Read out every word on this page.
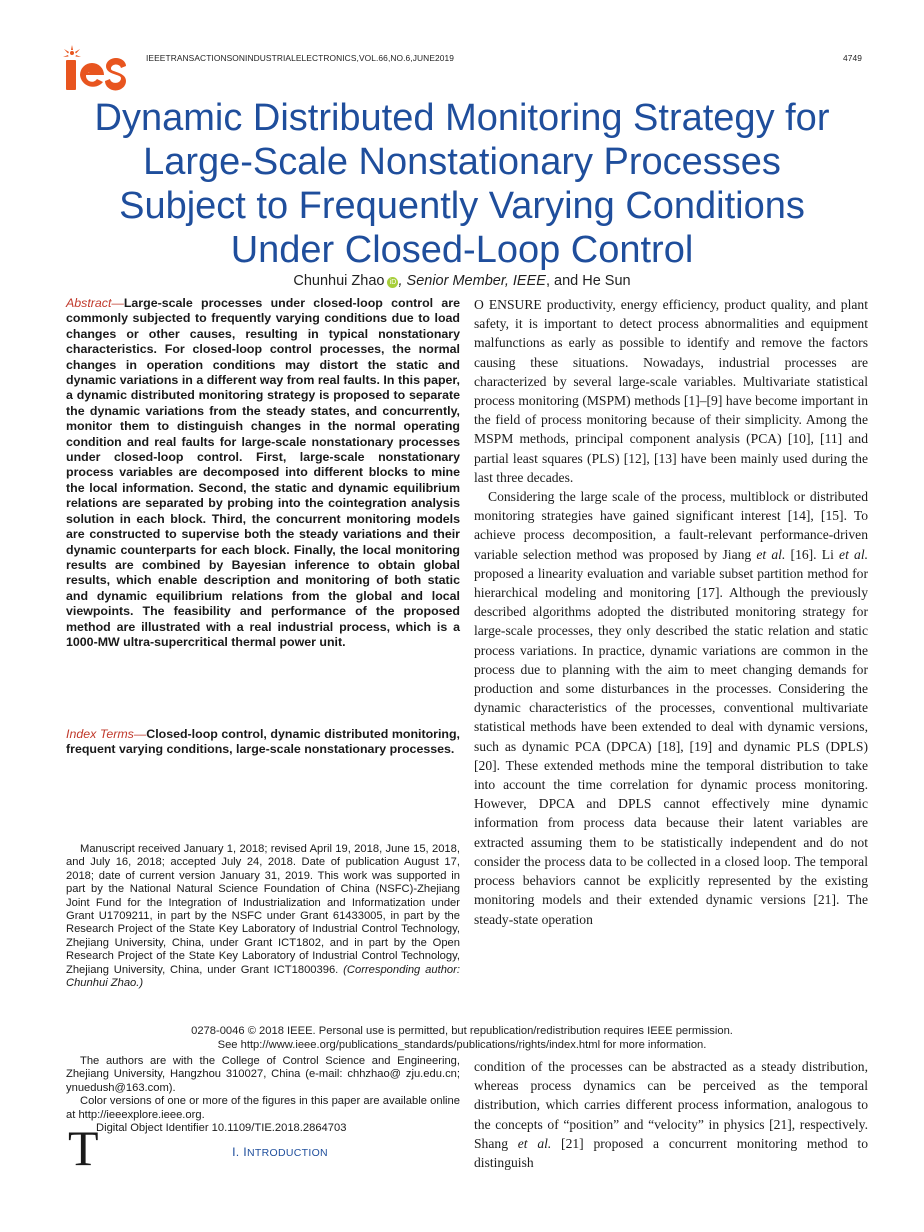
ies
IEEETRANSACTIONSONINDUSTRIALELECTRONICS,VOL.66,NO.6,JUNE2019	4749
Dynamic Distributed Monitoring Strategy for
Large-Scale Nonstationary Processes
Subject to Frequently Varying Conditions
Under Closed-Loop Control
Chunhui Zhao iD , Senior Member, IEEE, and He Sun
Abstract—Large-scale processes under closed-loop control are commonly subjected to frequently varying conditions due to load changes or other causes, resulting in typical nonstationary characteristics. For closed-loop control processes, the normal changes in operation conditions may distort the static and dynamic variations in a different way from real faults. In this paper, a dynamic distributed monitoring strategy is proposed to separate the dynamic variations from the steady states, and concurrently, monitor them to distinguish changes in the normal operating condition and real faults for large-scale nonstationary processes under closed-loop control. First, large-scale nonstationary process variables are decomposed into different blocks to mine the local information. Second, the static and dynamic equilibrium relations are separated by probing into the cointegration analysis solution in each block. Third, the concurrent monitoring models are constructed to supervise both the steady variations and their dynamic counterparts for each block. Finally, the local monitoring results are combined by Bayesian inference to obtain global results, which enable description and monitoring of both static and dynamic equilibrium relations from the global and local viewpoints. The feasibility and performance of the proposed method are illustrated with a real industrial process, which is a 1000-MW ultra-supercritical thermal power unit.
Index Terms—Closed-loop control, dynamic distributed monitoring, frequent varying conditions, large-scale nonstationary processes.
Manuscript received January 1, 2018; revised April 19, 2018, June 15, 2018, and July 16, 2018; accepted July 24, 2018. Date of publication August 17, 2018; date of current version January 31, 2019. This work was supported in part by the National Natural Science Foundation of China (NSFC)-Zhejiang Joint Fund for the Integration of Industrialization and Informatization under Grant U1709211, in part by the NSFC under Grant 61433005, in part by the Research Project of the State Key Laboratory of Industrial Control Technology, Zhejiang University, China, under Grant ICT1802, and in part by the Open Research Project of the State Key Laboratory of Industrial Control Technology, Zhejiang University, China, under Grant ICT1800396. (Corresponding author: Chunhui Zhao.)
0278-0046 © 2018 IEEE. Personal use is permitted, but republication/redistribution requires IEEE permission.
See http://www.ieee.org/publications_standards/publications/rights/index.html for more information.

The authors are with the College of Control Science and Engineering, Zhejiang University, Hangzhou 310027, China (e-mail: chhzhao@ zju.edu.cn; ynuedush@163.com).

Color versions of one or more of the figures in this paper are available online at http://ieeexplore.ieee.org.

Digital Object Identifier 10.1109/TIE.2018.2864703

T	I. INTRODUCTION

O ENSURE productivity, energy efficiency, product quality, and plant safety, it is important to detect process abnormalities and equipment malfunctions as early as possible to identify and remove the factors causing these situations. Nowadays, industrial processes are characterized by several large-scale variables. Multivariate statistical process monitoring (MSPM) methods [1]–[9] have become important in the field of process monitoring because of their simplicity. Among the MSPM methods, principal component analysis (PCA) [10], [11] and partial least squares (PLS) [12], [13] have been mainly used during the last three decades.

Considering the large scale of the process, multiblock or distributed monitoring strategies have gained significant interest [14], [15]. To achieve process decomposition, a fault-relevant performance-driven variable selection method was proposed by Jiang et al. [16]. Li et al. proposed a linearity evaluation and variable subset partition method for hierarchical modeling and monitoring [17]. Although the previously described algorithms adopted the distributed monitoring strategy for large-scale processes, they only described the static relation and static process variations. In practice, dynamic variations are common in the process due to planning with the aim to meet changing demands for production and some disturbances in the processes. Considering the dynamic characteristics of the processes, conventional multivariate statistical methods have been extended to deal with dynamic versions, such as dynamic PCA (DPCA) [18], [19] and dynamic PLS (DPLS) [20]. These extended methods mine the temporal distribution to take into account the time correlation for dynamic process monitoring. However, DPCA and DPLS cannot effectively mine dynamic information from process data because their latent variables are extracted assuming them to be statistically independent and do not consider the process data to be collected in a closed loop. The temporal process behaviors cannot be explicitly represented by the existing monitoring models and their extended dynamic versions [21]. The steady-state operation

condition of the processes can be abstracted as a steady distribution, whereas process dynamics can be perceived as the temporal distribution, which carries different process information, analogous to the concepts of “position” and “velocity” in physics [21], respectively. Shang et al. [21] proposed a concurrent monitoring method to distinguish
